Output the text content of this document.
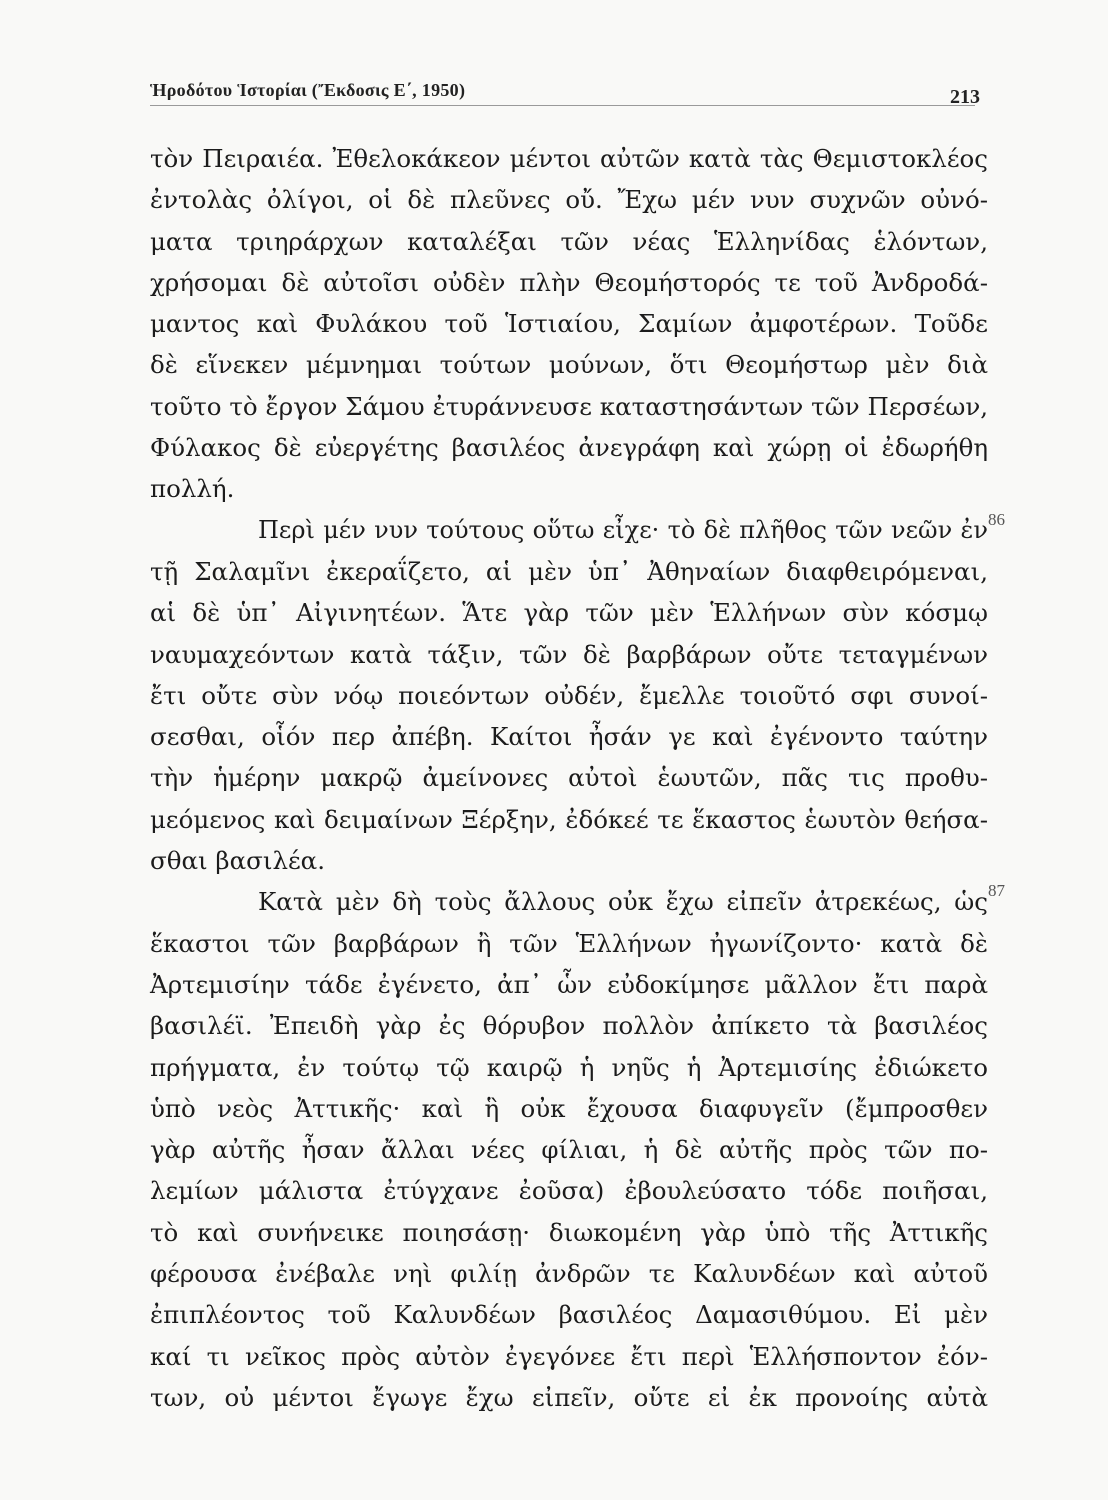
Ἡροδότου Ἱστορίαι (Ἔκδοσις Ε΄, 1950)	213
τὸν Πειραιέα. Ἐθελοκάκεον μέντοι αὐτῶν κατὰ τὰς Θεμιστοκλέος
ἐντολὰς ὀλίγοι, οἱ δὲ πλεῦνες οὔ. Ἔχω μέν νυν συχνῶν οὐνό-
ματα τριηράρχων καταλέξαι τῶν νέας Ἑλληνίδας ἑλόντων,
χρήσομαι δὲ αὐτοῖσι οὐδὲν πλὴν Θεομήστορός τε τοῦ Ἀνδροδά-
μαντος καὶ Φυλάκου τοῦ Ἱστιαίου, Σαμίων ἀμφοτέρων. Τοῦδε
δὲ εἵνεκεν μέμνημαι τούτων μούνων, ὅτι Θεομήστωρ μὲν διὰ
τοῦτο τὸ ἔργον Σάμου ἐτυράννευσε καταστησάντων τῶν Περσέων,
Φύλακος δὲ εὐεργέτης βασιλέος ἀνεγράφη καὶ χώρῃ οἱ ἐδωρήθη
πολλή.
86
Περὶ μέν νυν τούτους οὕτω εἶχε· τὸ δὲ πλῆθος τῶν νεῶν ἐν
τῇ Σαλαμῖνι ἐκεραΐζετο, αἱ μὲν ὑπ᾽ Ἀθηναίων διαφθειρόμεναι,
αἱ δὲ ὑπ᾽ Αἰγινητέων. Ἅτε γὰρ τῶν μὲν Ἑλλήνων σὺν κόσμῳ
ναυμαχεόντων κατὰ τάξιν, τῶν δὲ βαρβάρων οὔτε τεταγμένων
ἔτι οὔτε σὺν νόῳ ποιεόντων οὐδέν, ἔμελλε τοιοῦτό σφι συνοί-
σεσθαι, οἷόν περ ἀπέβη. Καίτοι ἦσάν γε καὶ ἐγένοντο ταύτην
τὴν ἡμέρην μακρῷ ἀμείνονες αὐτοὶ ἑωυτῶν, πᾶς τις προθυ-
μεόμενος καὶ δειμαίνων Ξέρξην, ἐδόκεέ τε ἕκαστος ἑωυτὸν θεήσα-
σθαι βασιλέα.
87
Κατὰ μὲν δὴ τοὺς ἄλλους οὐκ ἔχω εἰπεῖν ἀτρεκέως, ὡς
ἕκαστοι τῶν βαρβάρων ἢ τῶν Ἑλλήνων ἠγωνίζοντο· κατὰ δὲ
Ἀρτεμισίην τάδε ἐγένετο, ἀπ᾽ ὧν εὐδοκίμησε μᾶλλον ἔτι παρὰ
βασιλέϊ. Ἐπειδὴ γὰρ ἐς θόρυβον πολλὸν ἀπίκετο τὰ βασιλέος
πρήγματα, ἐν τούτῳ τῷ καιρῷ ἡ νηῦς ἡ Ἀρτεμισίης ἐδιώκετο
ὑπὸ νεὸς Ἀττικῆς· καὶ ἣ οὐκ ἔχουσα διαφυγεῖν (ἔμπροσθεν
γὰρ αὐτῆς ἦσαν ἄλλαι νέες φίλιαι, ἡ δὲ αὐτῆς πρὸς τῶν πο-
λεμίων μάλιστα ἐτύγχανε ἐοῦσα) ἐβουλεύσατο τόδε ποιῆσαι,
τὸ καὶ συνήνεικε ποιησάσῃ· διωκομένη γὰρ ὑπὸ τῆς Ἀττικῆς
φέρουσα ἐνέβαλε νηὶ φιλίῃ ἀνδρῶν τε Καλυνδέων καὶ αὐτοῦ
ἐπιπλέοντος τοῦ Καλυνδέων βασιλέος Δαμασιθύμου. Εἰ μὲν
καί τι νεῖκος πρὸς αὐτὸν ἐγεγόνεε ἔτι περὶ Ἑλλήσποντον ἐόν-
των, οὐ μέντοι ἔγωγε ἔχω εἰπεῖν, οὔτε εἰ ἐκ προνοίης αὐτὰ
